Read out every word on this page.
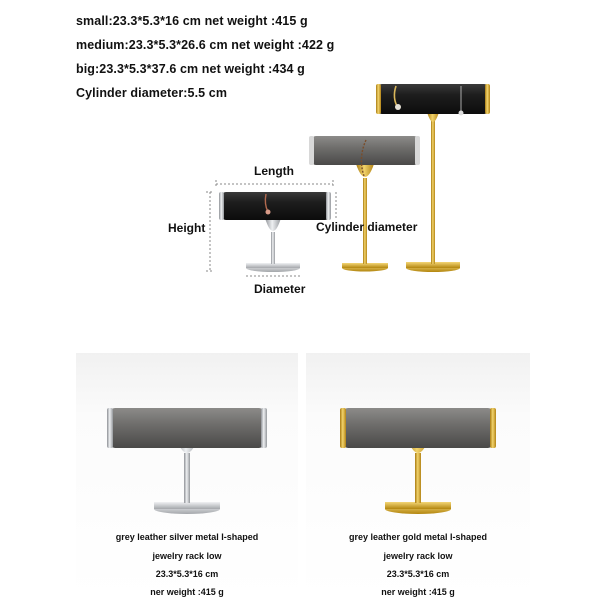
small:23.3*5.3*16 cm net weight :415 g
medium:23.3*5.3*26.6 cm net weight :422 g
big:23.3*5.3*37.6 cm net weight :434 g
Cylinder diameter:5.5 cm
Length
Height	Cylinder diameter
Diameter
grey leather silver metal I-shaped
jewelry rack low
23.3*5.3*16 cm
ner weight :415 g
grey leather gold metal I-shaped
jewelry rack low
23.3*5.3*16 cm
ner weight :415 g
